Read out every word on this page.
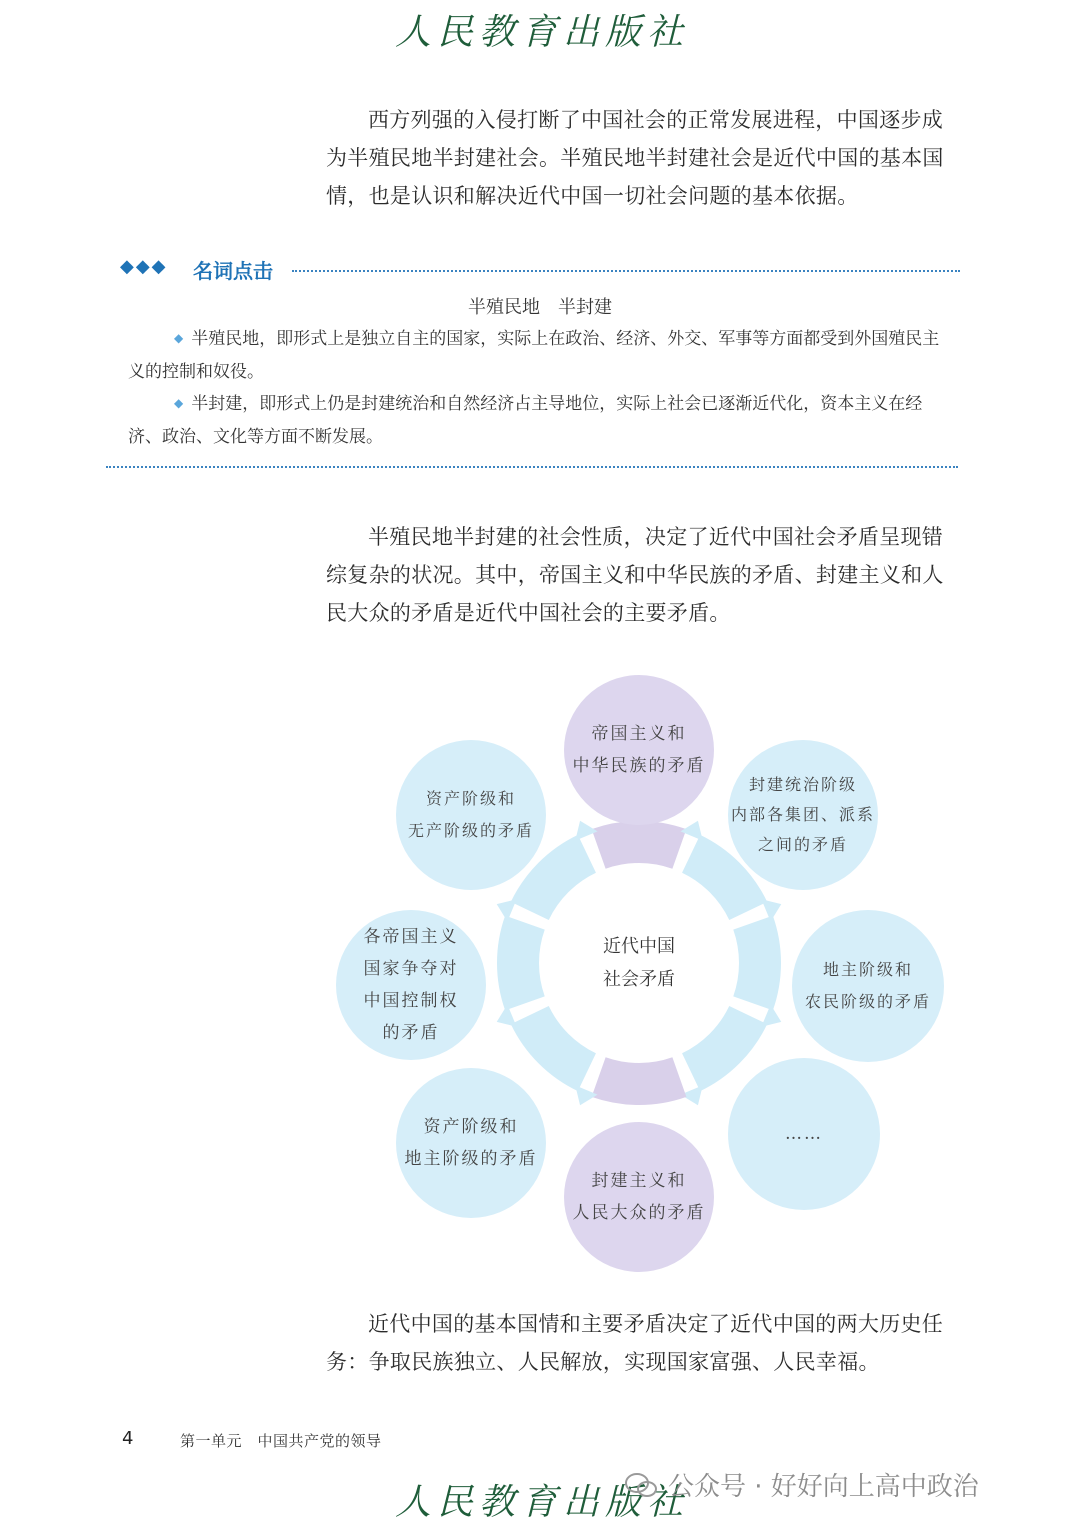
人民教育出版社

西方列强的入侵打断了中国社会的正常发展进程，中国逐步成为半殖民地半封建社会。半殖民地半封建社会是近代中国的基本国情，也是认识和解决近代中国一切社会问题的基本依据。

◆◆◆ 名词点击
半殖民地　半封建

◆ 半殖民地，即形式上是独立自主的国家，实际上在政治、经济、外交、军事等方面都受到外国殖民主义的控制和奴役。

◆ 半封建，即形式上仍是封建统治和自然经济占主导地位，实际上社会已逐渐近代化，资本主义在经济、政治、文化等方面不断发展。

半殖民地半封建的社会性质，决定了近代中国社会矛盾呈现错综复杂的状况。其中，帝国主义和中华民族的矛盾、封建主义和人民大众的矛盾是近代中国社会的主要矛盾。

帝国主义和
中华民族的矛盾
封建统治阶级
内部各集团、派系
之间的矛盾
地主阶级和
农民阶级的矛盾
……
封建主义和
人民大众的矛盾
资产阶级和
地主阶级的矛盾
各帝国主义
国家争夺对
中国控制权
的矛盾
资产阶级和
无产阶级的矛盾
近代中国
社会矛盾

近代中国的基本国情和主要矛盾决定了近代中国的两大历史任务：争取民族独立、人民解放，实现国家富强、人民幸福。

4	第一单元　中国共产党的领导
人民教育出版社
公众号 · 好好向上高中政治
